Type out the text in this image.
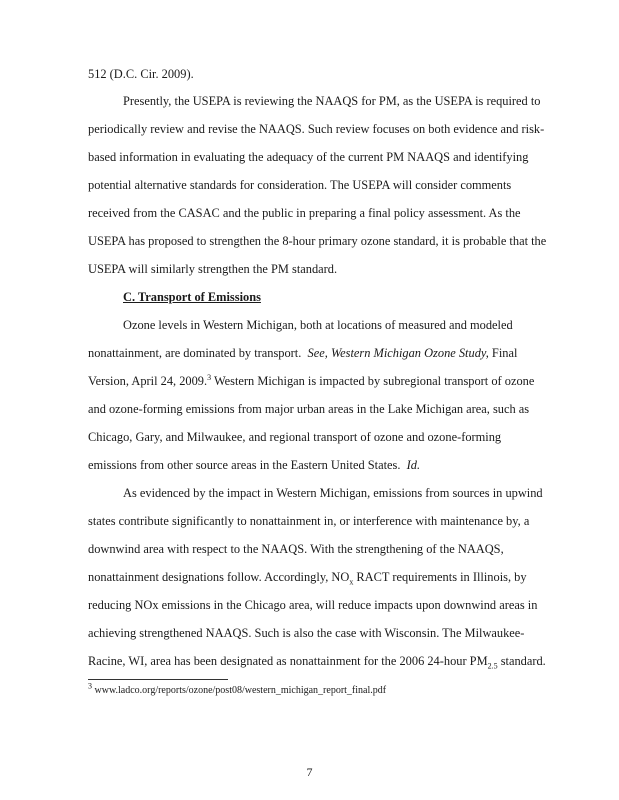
512 (D.C. Cir. 2009).
Presently, the USEPA is reviewing the NAAQS for PM, as the USEPA is required to
periodically review and revise the NAAQS. Such review focuses on both evidence and risk-
based information in evaluating the adequacy of the current PM NAAQS and identifying
potential alternative standards for consideration. The USEPA will consider comments
received from the CASAC and the public in preparing a final policy assessment. As the
USEPA has proposed to strengthen the 8-hour primary ozone standard, it is probable that the
USEPA will similarly strengthen the PM standard.
C. Transport of Emissions
Ozone levels in Western Michigan, both at locations of measured and modeled
nonattainment, are dominated by transport. See, Western Michigan Ozone Study, Final
Version, April 24, 2009.$^3$ Western Michigan is impacted by subregional transport of ozone
and ozone-forming emissions from major urban areas in the Lake Michigan area, such as
Chicago, Gary, and Milwaukee, and regional transport of ozone and ozone-forming
emissions from other source areas in the Eastern United States. Id.
As evidenced by the impact in Western Michigan, emissions from sources in upwind
states contribute significantly to nonattainment in, or interference with maintenance by, a
downwind area with respect to the NAAQS. With the strengthening of the NAAQS,
nonattainment designations follow. Accordingly, $NO_x$ RACT requirements in Illinois, by
reducing NOx emissions in the Chicago area, will reduce impacts upon downwind areas in
achieving strengthened NAAQS. Such is also the case with Wisconsin. The Milwaukee-
Racine, WI, area has been designated as nonattainment for the 2006 24-hour $PM_{2.5}$ standard.
$^3$ www.ladco.org/reports/ozone/post08/western_michigan_report_final.pdf
7
